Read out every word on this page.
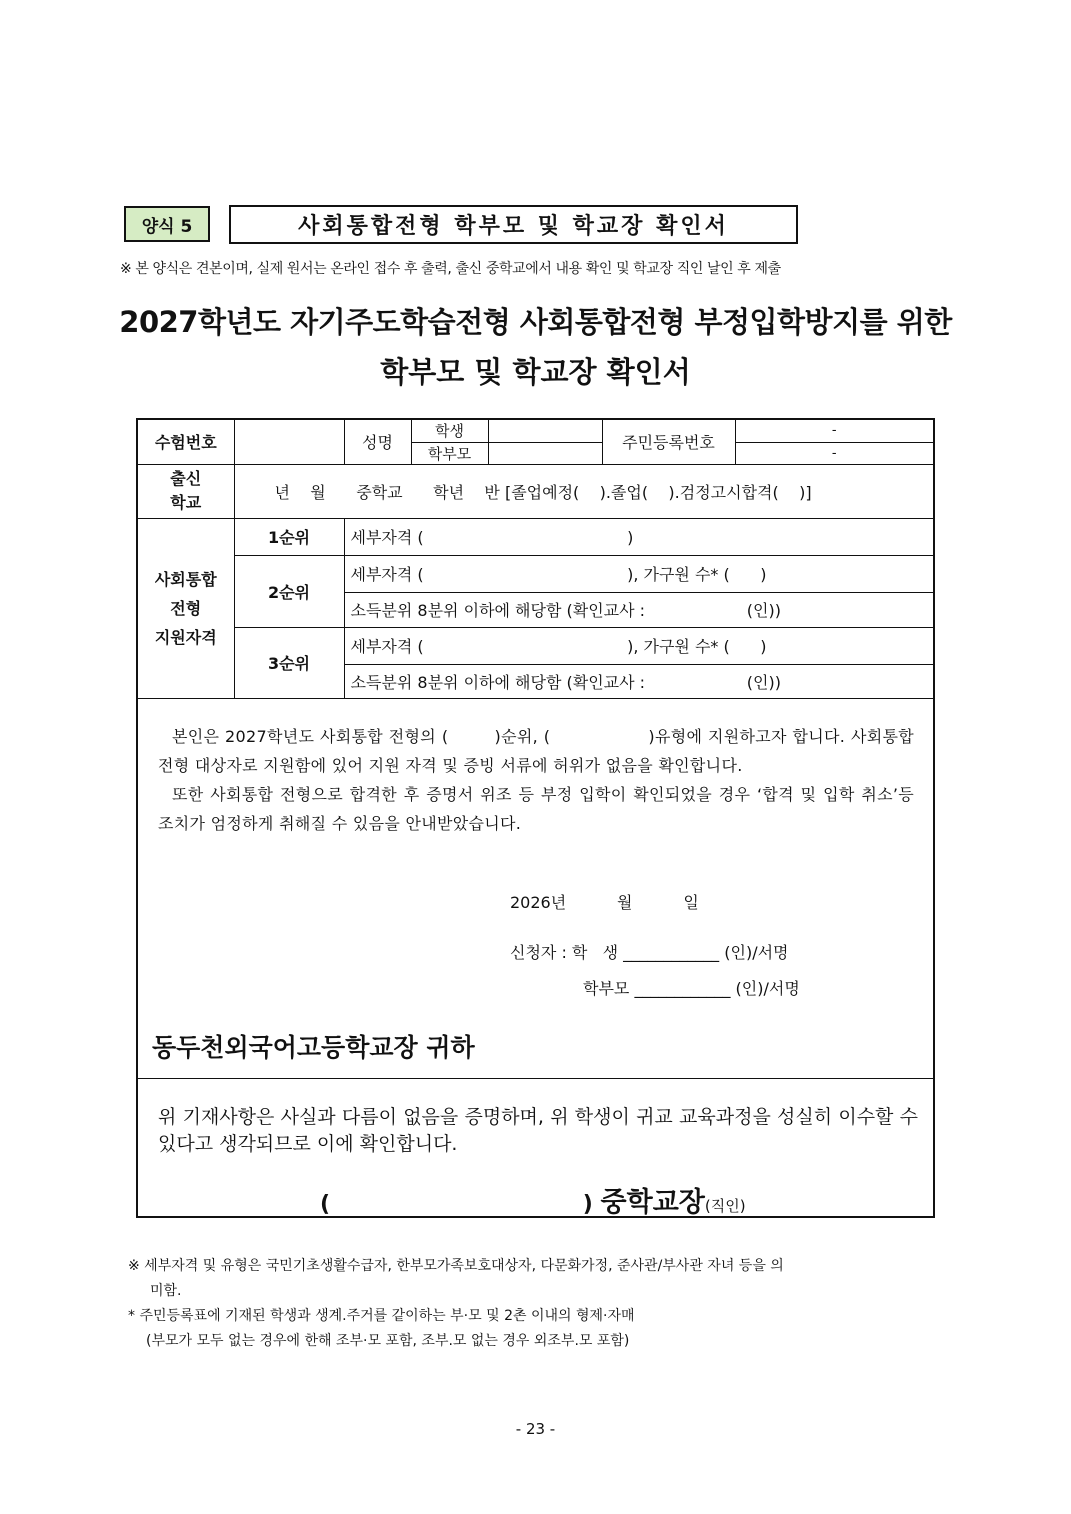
양식 5	사회통합전형 학부모 및 학교장 확인서
※ 본 양식은 견본이며, 실제 원서는 온라인 접수 후 출력, 출신 중학교에서 내용 확인 및 학교장 직인 날인 후 제출
2027학년도 자기주도학습전형 사회통합전형 부정입학방지를 위한
학부모 및 학교장 확인서
수험번호		성명	학생		주민등록번호	-
			학부모			-
출신
학교	년    월      중학교      학년    반 [졸업예정(    ).졸업(    ).검정고시합격(    )]					
사회통합
전형
지원자격	1순위	세부자격 (                                        )				
	2순위	세부자격 (                                        ), 가구원 수* (      )				
		소득분위 8분위 이하에 해당함 (확인교사 :                    (인))				
	3순위	세부자격 (                                        ), 가구원 수* (      )				
		소득분위 8분위 이하에 해당함 (확인교사 :                    (인))				

본인은 2027학년도 사회통합 전형의 (        )순위, (                 )유형에 지원하고자 합니다. 사회통합 전형 대상자로 지원함에 있어 지원 자격 및 증빙 서류에 허위가 없음을 확인합니다.

또한 사회통합 전형으로 합격한 후 증명서 위조 등 부정 입학이 확인되었을 경우 ‘합격 및 입학 취소’등 조치가 엄정하게 취해질 수 있음을 안내받았습니다.

2026년          월          일
신청자 : 학   생 ____________ (인)/서명
학부모 ____________ (인)/서명
동두천외국어고등학교장 귀하
위 기재사항은 사실과 다름이 없음을 증명하며, 위 학생이 귀교 교육과정을 성실히 이수할 수 있다고 생각되므로 이에 확인합니다.
(                                 ) 중학교장(직인)
※ 세부자격 및 유형은 국민기초생활수급자, 한부모가족보호대상자, 다문화가정, 준사관/부사관 자녀 등을 의
미함.
* 주민등록표에 기재된 학생과 생계.주거를 같이하는 부·모 및 2촌 이내의 형제·자매
(부모가 모두 없는 경우에 한해 조부·모 포함, 조부.모 없는 경우 외조부.모 포함)
- 23 -
